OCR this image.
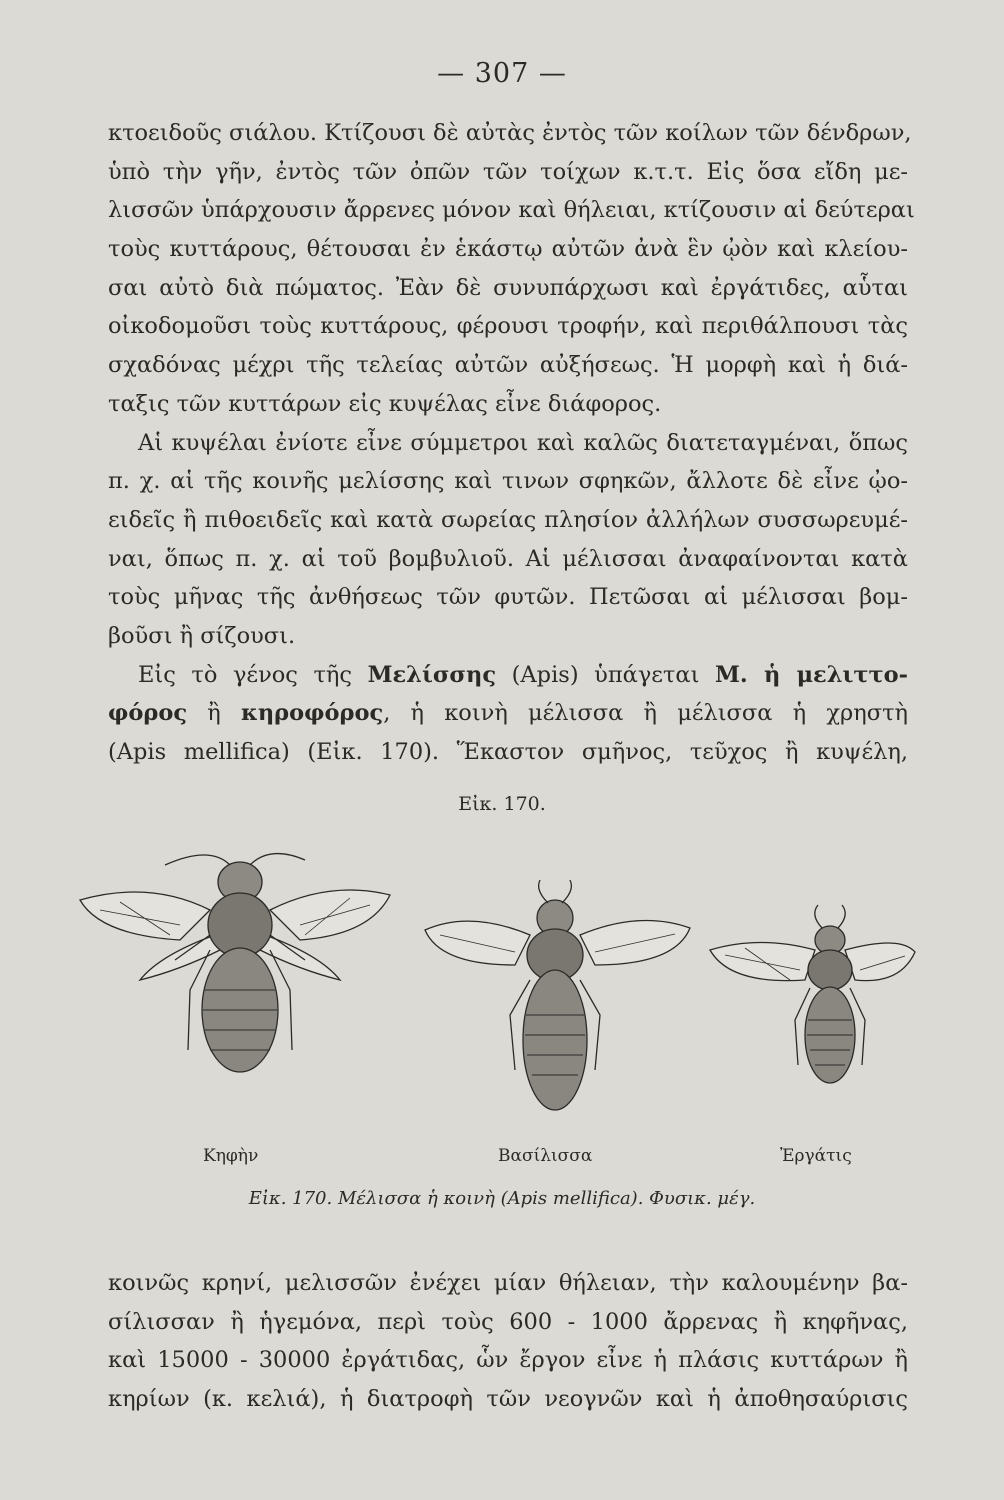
— 307 —
κτοειδοῦς σιάλου. Κτίζουσι δὲ αὐτὰς ἐντὸς τῶν κοίλων τῶν δένδρων,
ὑπὸ τὴν γῆν, ἐντὸς τῶν ὀπῶν τῶν τοίχων κ.τ.τ. Εἰς ὅσα εἴδη με-
λισσῶν ὑπάρχουσιν ἄρρενες μόνον καὶ θήλειαι, κτίζουσιν αἱ δεύτεραι
τοὺς κυττάρους, θέτουσαι ἐν ἑκάστῳ αὐτῶν ἀνὰ ἓν ᾠὸν καὶ κλείου-
σαι αὐτὸ διὰ πώματος. Ἐὰν δὲ συνυπάρχωσι καὶ ἐργάτιδες, αὗται
οἰκοδομοῦσι τοὺς κυττάρους, φέρουσι τροφήν, καὶ περιθάλπουσι τὰς
σχαδόνας μέχρι τῆς τελείας αὐτῶν αὐξήσεως. Ἡ μορφὴ καὶ ἡ διά-
ταξις τῶν κυττάρων εἰς κυψέλας εἶνε διάφορος.
Αἱ κυψέλαι ἐνίοτε εἶνε σύμμετροι καὶ καλῶς διατεταγμέναι, ὅπως
π. χ. αἱ τῆς κοινῆς μελίσσης καὶ τινων σφηκῶν, ἄλλοτε δὲ εἶνε ᾠο-
ειδεῖς ἢ πιθοειδεῖς καὶ κατὰ σωρείας πλησίον ἀλλήλων συσσωρευμέ-
ναι, ὅπως π. χ. αἱ τοῦ βομβυλιοῦ. Αἱ μέλισσαι ἀναφαίνονται κατὰ
τοὺς μῆνας τῆς ἀνθήσεως τῶν φυτῶν. Πετῶσαι αἱ μέλισσαι βομ-
βοῦσι ἢ σίζουσι.
Εἰς τὸ γένος τῆς Μελίσσης (Apis) ὑπάγεται Μ. ἡ μελιττο-
φόρος ἢ κηροφόρος, ἡ κοινὴ μέλισσα ἢ μέλισσα ἡ χρηστὴ
(Apis mellifica) (Εἰκ. 170). Ἕκαστον σμῆνος, τεῦχος ἢ κυψέλη,
Εἰκ. 170.
Κηφὴν	Βασίλισσα	Ἐργάτις
Εἰκ. 170. Μέλισσα ἡ κοινὴ (Apis mellifica). Φυσικ. μέγ.
κοινῶς κρηνί, μελισσῶν ἐνέχει μίαν θήλειαν, τὴν καλουμένην βα-
σίλισσαν ἢ ἡγεμόνα, περὶ τοὺς 600 - 1000 ἄρρενας ἢ κηφῆνας,
καὶ 15000 - 30000 ἐργάτιδας, ὧν ἔργον εἶνε ἡ πλάσις κυττάρων ἢ
κηρίων (κ. κελιά), ἡ διατροφὴ τῶν νεογνῶν καὶ ἡ ἀποθησαύρισις
